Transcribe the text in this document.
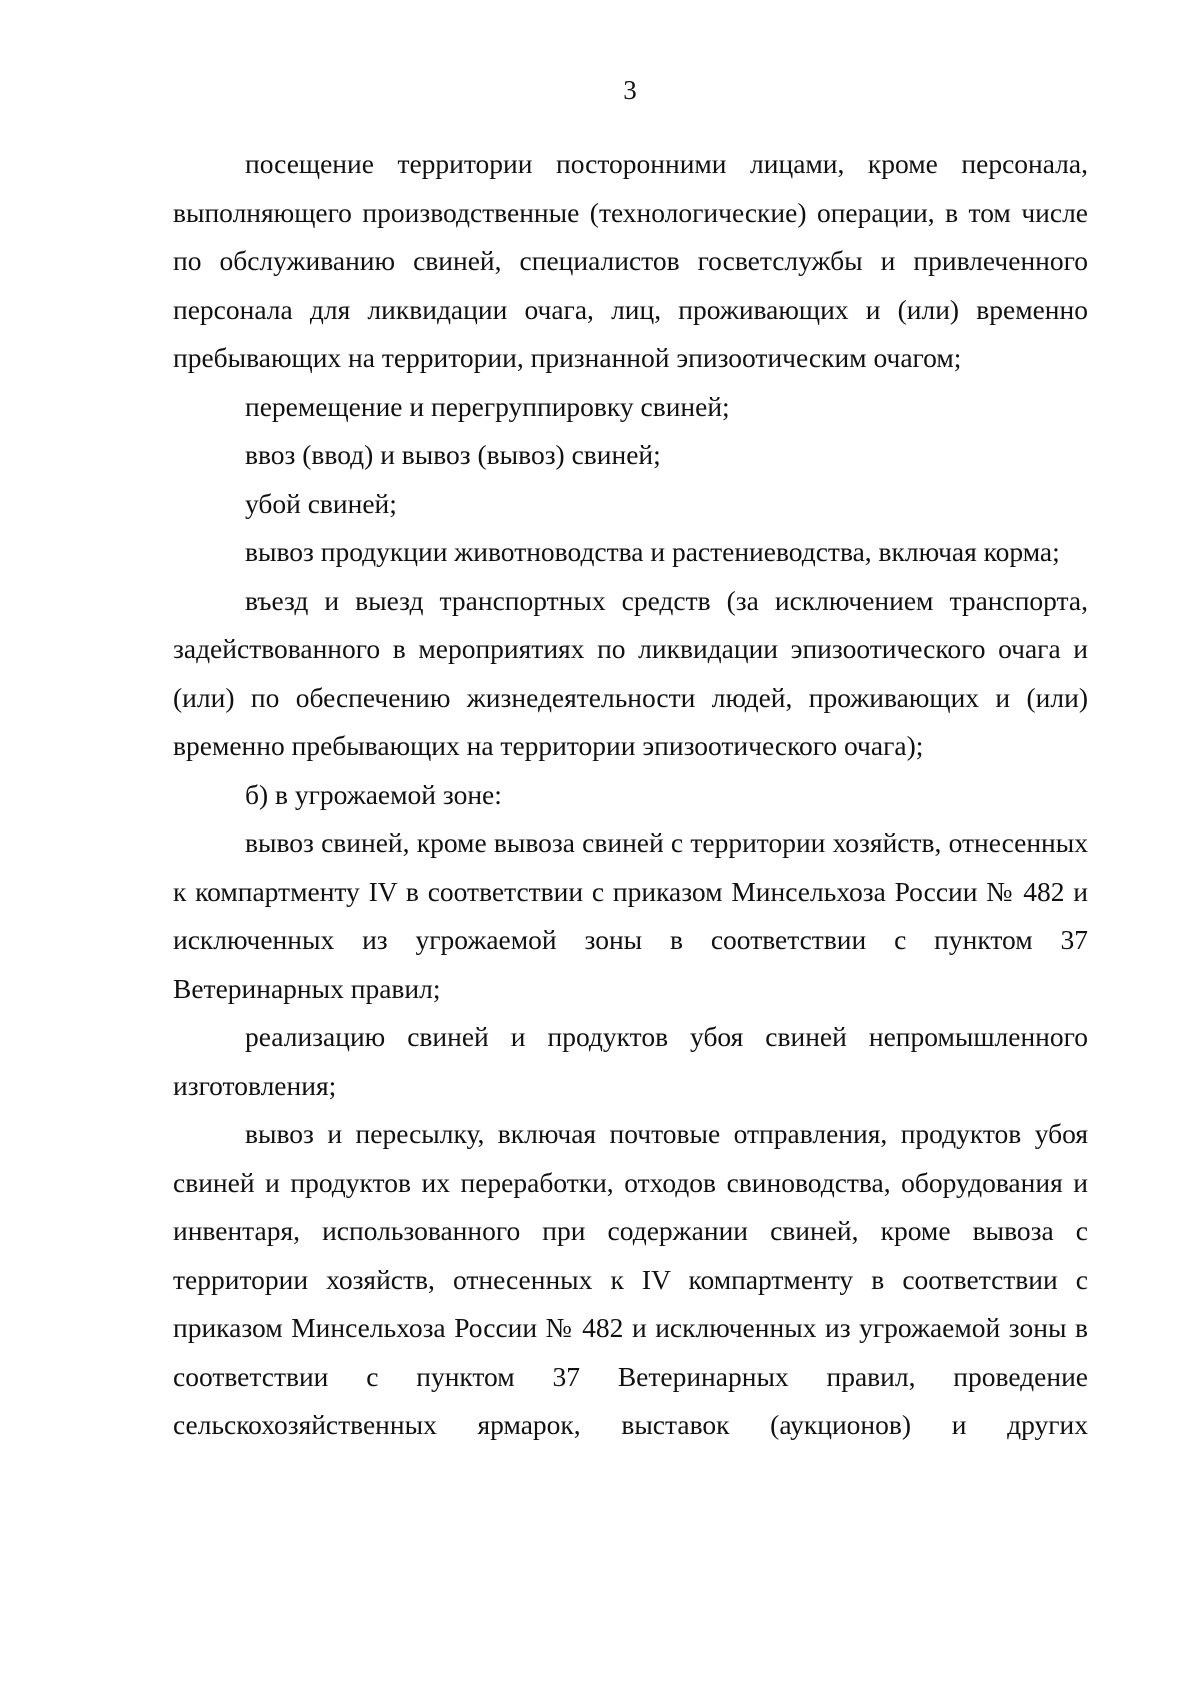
3

посещение территории посторонними лицами, кроме персонала, выполняющего производственные (технологические) операции, в том числе по обслуживанию свиней, специалистов госветслужбы и привлеченного персонала для ликвидации очага, лиц, проживающих и (или) временно пребывающих на территории, признанной эпизоотическим очагом;

перемещение и перегруппировку свиней;

ввоз (ввод) и вывоз (вывоз) свиней;

убой свиней;

вывоз продукции животноводства и растениеводства, включая корма;

въезд и выезд транспортных средств (за исключением транспорта, задействованного в мероприятиях по ликвидации эпизоотического очага и (или) по обеспечению жизнедеятельности людей, проживающих и (или) временно пребывающих на территории эпизоотического очага);

б) в угрожаемой зоне:

вывоз свиней, кроме вывоза свиней с территории хозяйств, отнесенных к компартменту IV в соответствии с приказом Минсельхоза России № 482 и исключенных из угрожаемой зоны в соответствии с пунктом 37 Ветеринарных правил;

реализацию свиней и продуктов убоя свиней непромышленного изготовления;

вывоз и пересылку, включая почтовые отправления, продуктов убоя свиней и продуктов их переработки, отходов свиноводства, оборудования и инвентаря, использованного при содержании свиней, кроме вывоза с территории хозяйств, отнесенных к IV компартменту в соответствии с приказом Минсельхоза России № 482 и исключенных из угрожаемой зоны в соответствии с пунктом 37 Ветеринарных правил, проведение сельскохозяйственных ярмарок, выставок (аукционов) и других
